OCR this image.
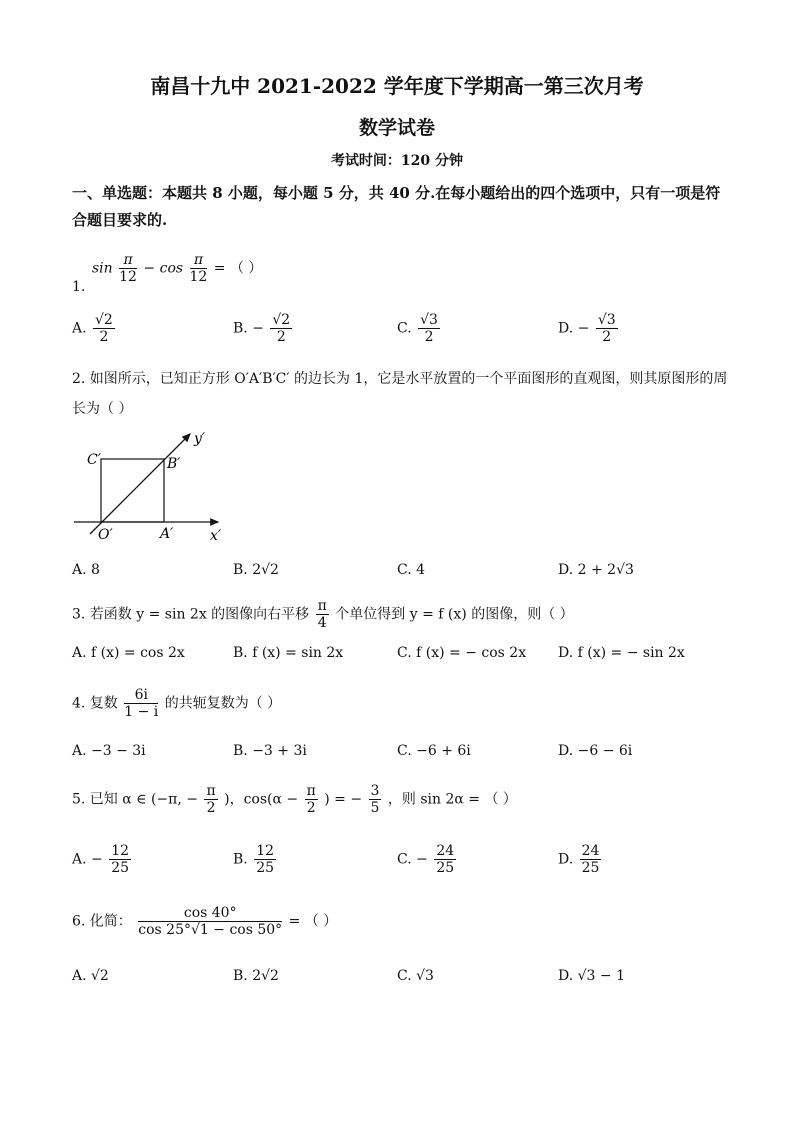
南昌十九中 2021-2022 学年度下学期高一第三次月考
数学试卷
考试时间：120 分钟
一、单选题：本题共 8 小题，每小题 5 分，共 40 分.在每小题给出的四个选项中，只有一项是符合题目要求的.
$\sin \frac{\pi}{12} - \cos \frac{\pi}{12}$ = （ ）
1.
A. $\frac{√2}{2}$	B. − $\frac{√2}{2}$	C. $\frac{√3}{2}$	D. − $\frac{√3}{2}$
2. 如图所示，已知正方形 O′A′B′C′ 的边长为 1，它是水平放置的一个平面图形的直观图，则其原图形的周
长为（ ）
C′	B′
O′	A′	x′
y′
A. 8	B. 2√2	C. 4	D. 2 + 2√3
3. 若函数 y = sin 2x 的图像向右平移 $\frac{\pi}{4}$ 个单位得到 y = f (x) 的图像，则（ ）
A. f (x) = cos 2x	B. f (x) = sin 2x	C. f (x) = − cos 2x D. f (x) = − sin 2x
4. 复数 $\frac{6i}{1 - i}$ 的共轭复数为（ ）
A. −3 − 3i	B. −3 + 3i	C. −6 + 6i	D. −6 − 6i
5. 已知 α ∈ (−π, − $\frac{\pi}{2}$ )，$\cos(\alpha - \frac{\pi}{2}$ ) = − $\frac{3}{5}$ ，则 sin 2α = （ ）
A. − $\frac{12}{25}$	B. $\frac{12}{25}$	C. − $\frac{24}{25}$	D. $\frac{24}{25}$
6. 化简： $\frac{\cos 40^\circ}{\cos 25^\circ√1 - \cos 50^\circ}$ = （ ）
A. √2	B. 2√2	C. √3	D. √3 − 1
